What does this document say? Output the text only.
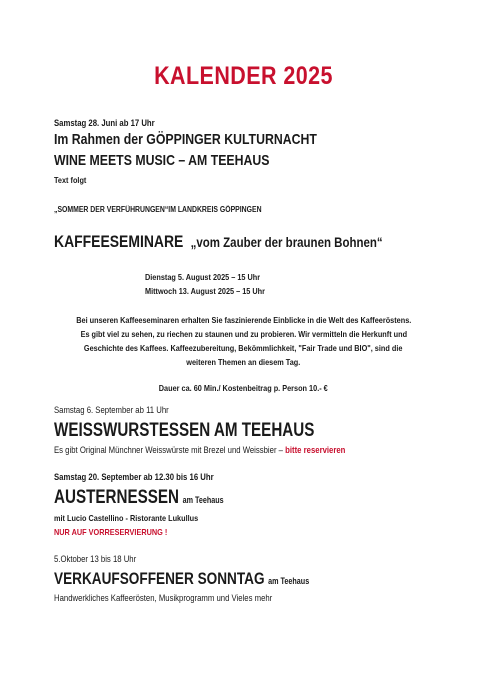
KALENDER 2025
Samstag 28. Juni ab 17 Uhr
Im Rahmen der GÖPPINGER KULTURNACHT
WINE MEETS MUSIC – AM TEEHAUS
Text folgt
„SOMMER DER VERFÜHRUNGEN“IM LANDKREIS GÖPPINGEN
KAFFEESEMINARE „vom Zauber der braunen Bohnen“
Dienstag 5. August 2025 – 15 Uhr
Mittwoch 13. August 2025 – 15 Uhr
Bei unseren Kaffeeseminaren erhalten Sie faszinierende Einblicke in die Welt des Kaffeeröstens.
Es gibt viel zu sehen, zu riechen zu staunen und zu probieren. Wir vermitteln die Herkunft und
Geschichte des Kaffees. Kaffeezubereitung, Bekömmlichkeit, "Fair Trade und BIO", sind die
weiteren Themen an diesem Tag.
Dauer ca. 60 Min./ Kostenbeitrag p. Person 10.- €
Samstag 6. September ab 11 Uhr
WEISSWURSTESSEN AM TEEHAUS
Es gibt Original Münchner Weisswürste mit Brezel und Weissbier – bitte reservieren
Samstag 20. September ab 12.30 bis 16 Uhr
AUSTERNESSEN am Teehaus
mit Lucio Castellino - Ristorante Lukullus
NUR AUF VORRESERVIERUNG !
5.Oktober 13 bis 18 Uhr
VERKAUFSOFFENER SONNTAG am Teehaus
Handwerkliches Kaffeerösten, Musikprogramm und Vieles mehr
